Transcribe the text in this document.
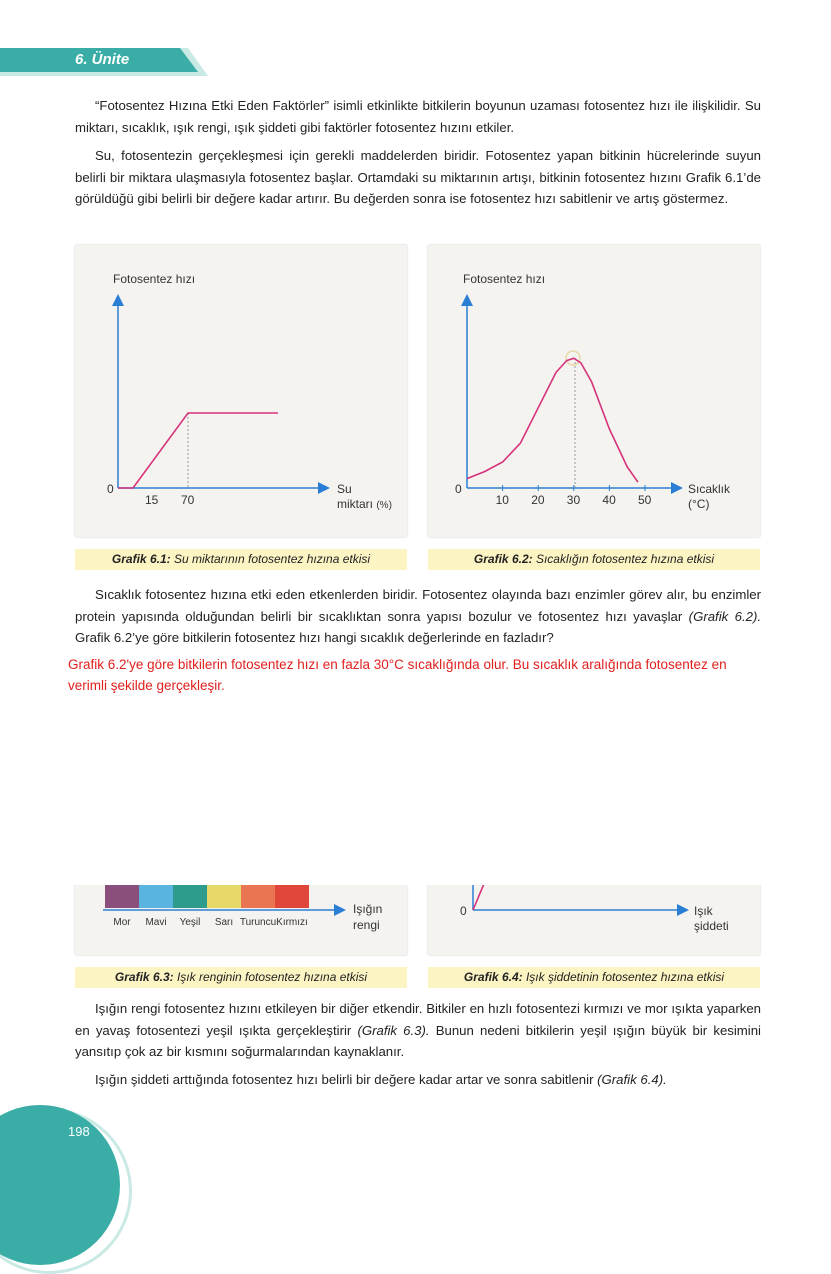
6. Ünite

“Fotosentez Hızına Etki Eden Faktörler” isimli etkinlikte bitkilerin boyunun uzaması fotosentez hızı ile ilişkilidir. Su miktarı, sıcaklık, ışık rengi, ışık şiddeti gibi faktörler fotosentez hızını etkiler.

Su, fotosentezin gerçekleşmesi için gerekli maddelerden biridir. Fotosentez yapan bitkinin hücrelerinde suyun belirli bir miktara ulaşmasıyla fotosentez başlar. Ortamdaki su miktarının artışı, bitkinin fotosentez hızını Grafik 6.1’de görüldüğü gibi belirli bir değere kadar artırır. Bu değerden sonra ise fotosentez hızı sabitlenir ve artış göstermez.

Fotosentez hızı
0
15 70
Su
miktarı (%)
Grafik 6.1: Su miktarının fotosentez hızına etkisi
Fotosentez hızı
0
10 20 30 40 50
Sıcaklık
(°C)
Grafik 6.2: Sıcaklığın fotosentez hızına etkisi

Sıcaklık fotosentez hızına etki eden etkenlerden biridir. Fotosentez olayında bazı enzimler görev alır, bu enzimler protein yapısında olduğundan belirli bir sıcaklıktan sonra yapısı bozulur ve fotosentez hızı yavaşlar (Grafik 6.2). Grafik 6.2’ye göre bitkilerin fotosentez hızı hangi sıcaklık değerlerinde en fazladır?

Mor Mavi Yeşil Sarı Turuncu Kırmızı
Işığın
rengi
Grafik 6.3: Işık renginin fotosentez hızına etkisi
0	Işık
şiddeti
Grafik 6.4: Işık şiddetinin fotosentez hızına etkisi

Grafik 6.2'ye göre bitkilerin fotosentez hızı en fazla 30°C sıcaklığında olur. Bu sıcaklık aralığında fotosentez en verimli şekilde gerçekleşir.

Işığın rengi fotosentez hızını etkileyen bir diğer etkendir. Bitkiler en hızlı fotosentezi kırmızı ve mor ışıkta yaparken en yavaş fotosentezi yeşil ışıkta gerçekleştirir (Grafik 6.3). Bunun nedeni bitkilerin yeşil ışığın büyük bir kesimini yansıtıp çok az bir kısmını soğurmalarından kaynaklanır.

Işığın şiddeti arttığında fotosentez hızı belirli bir değere kadar artar ve sonra sabitlenir (Grafik 6.4).

198
